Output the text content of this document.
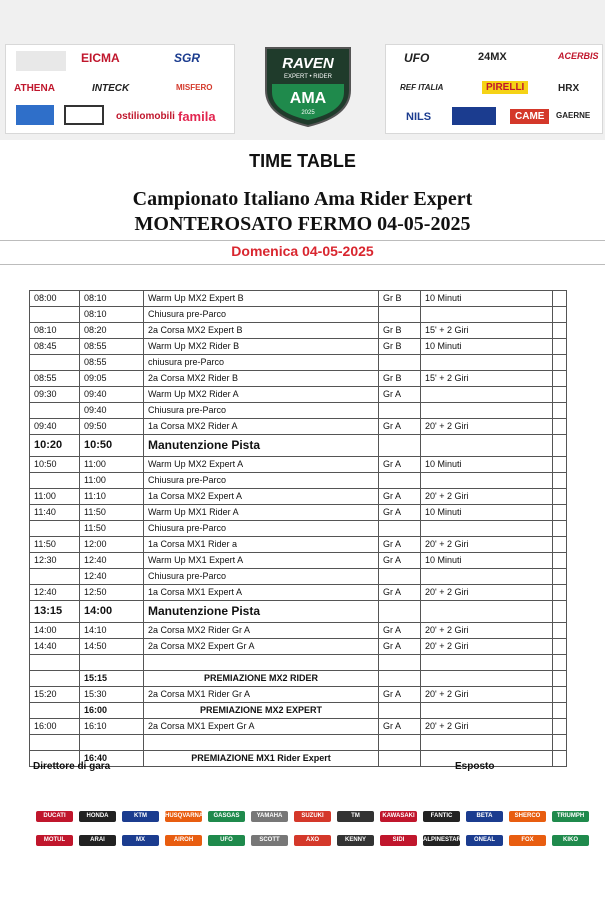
EICMA	SGR
ATHENA	INTECK	MISFERO
ostiliomobili famila
RAVEN
EXPERT • RIDER
AMA
2025
UFO	24MX	ACERBIS
REF ITALIA	PIRELLI	HRX
NILS	CAME	GAERNE
TIME TABLE
Campionato Italiano Ama Rider Expert
MONTEROSATO FERMO 04-05-2025
Domenica 04-05-2025
08:00	08:10	Warm Up MX2 Expert B	Gr B	10 Minuti	
	08:10	Chiusura pre-Parco			
08:10	08:20	2a Corsa MX2 Expert B	Gr B	15' + 2 Giri	
08:45	08:55	Warm Up MX2 Rider B	Gr B	10 Minuti	
	08:55	chiusura pre-Parco			
08:55	09:05	2a Corsa MX2 Rider B	Gr B	15' + 2 Giri	
09:30	09:40	Warm Up MX2 Rider A	Gr A		
	09:40	Chiusura pre-Parco			
09:40	09:50	1a Corsa MX2 Rider A	Gr A	20' + 2 Giri	
10:20	10:50	Manutenzione Pista			
10:50	11:00	Warm Up MX2 Expert A	Gr A	10 Minuti	
	11:00	Chiusura pre-Parco			
11:00	11:10	1a Corsa MX2 Expert A	Gr A	20' + 2 Giri	
11:40	11:50	Warm Up MX1 Rider A	Gr A	10 Minuti	
	11:50	Chiusura pre-Parco			
11:50	12:00	1a Corsa MX1 Rider a	Gr A	20' + 2 Giri	
12:30	12:40	Warm Up MX1 Expert A	Gr A	10 Minuti	
	12:40	Chiusura pre-Parco			
12:40	12:50	1a Corsa MX1 Expert A	Gr A	20' + 2 Giri	
13:15	14:00	Manutenzione Pista			
14:00	14:10	2a Corsa MX2 Rider Gr A	Gr A	20' + 2 Giri	
14:40	14:50	2a Corsa MX2 Expert Gr A	Gr A	20' + 2 Giri	

	15:15	PREMIAZIONE MX2 RIDER			
15:20	15:30	2a Corsa MX1 Rider Gr A	Gr A	20' + 2 Giri	
	16:00	PREMIAZIONE MX2 EXPERT			
16:00	16:10	2a Corsa MX1 Expert Gr A	Gr A	20' + 2 Giri	

	16:40	PREMIAZIONE MX1 Rider Expert			
Direttore di gara	Esposto
DUCATI	HONDA	KTM	HUSQVARNA	GASGAS	YAMAHA	SUZUKI	TM	KAWASAKI	FANTIC	BETA	SHERCO	TRIUMPH
MOTUL	ARAI	MX	AIROH	UFO	SCOTT	AXO	KENNY	SIDI	ALPINESTARS	ONEAL	FOX	KIKO
